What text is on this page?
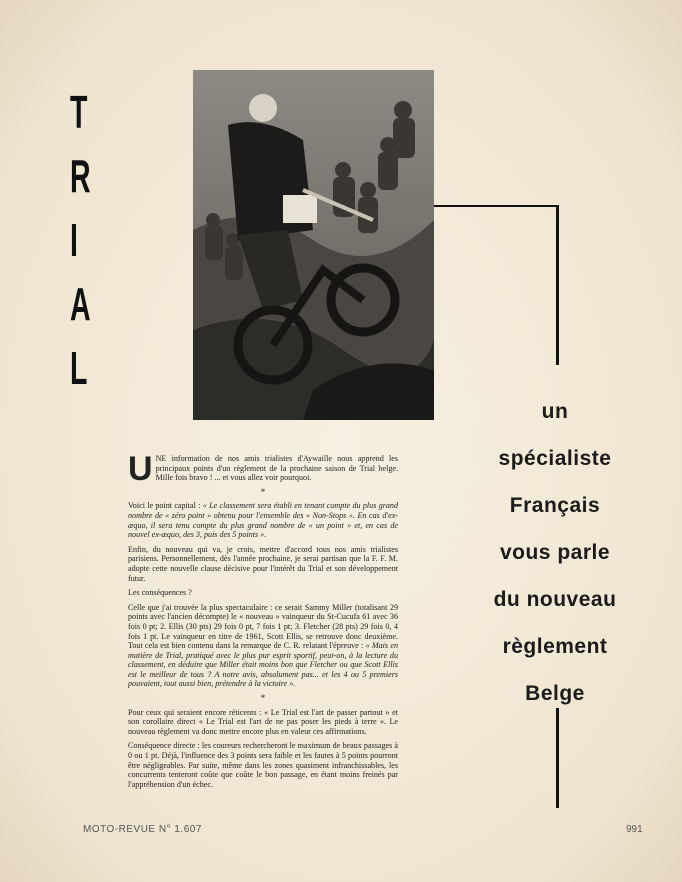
T
R
I
A
L
un
spécialiste
Français
vous parle
du nouveau
règlement
Belge

U NE information de nos amis trialistes d'Aywaille nous apprend les principaux points d'un règlement de la prochaine saison de Trial belge. Mille fois bravo ! ... et vous allez voir pourquoi.

*

Voici le point capital : « Le classement sera établi en tenant compte du plus grand nombre de « zéro point » obtenu pour l'ensemble des « Non-Stops ». En cas d'ex-æquo, il sera tenu compte du plus grand nombre de « un point » et, en cas de nouvel ex-æquo, des 3, puis des 5 points ».

Enfin, du nouveau qui va, je crois, mettre d'accord tous nos amis trialistes parisiens. Personnellement, dès l'année prochaine, je serai partisan que la F. F. M. adopte cette nouvelle clause décisive pour l'intérêt du Trial et son développement futur.

Les conséquences ?

Celle que j'ai trouvée la plus spectaculaire : ce serait Sammy Miller (totalisant 29 points avec l'ancien décompte) le « nouveau » vainqueur du St-Cucufa 61 avec 36 fois 0 pt; 2. Ellis (30 pts) 29 fois 0 pt, 7 fois 1 pt; 3. Fletcher (28 pts) 29 fois 0, 4 fois 1 pt. Le vainqueur en titre de 1961, Scott Ellis, se retrouve donc deuxième. Tout cela est bien contenu dans la remarque de C. R. relatant l'épreuve : « Mais en matière de Trial, pratiqué avec le plus pur esprit sportif, peut-on, à la lecture du classement, en déduire que Miller était moins bon que Fletcher ou que Scott Ellis est le meilleur de tous ? A notre avis, absolument pas... et les 4 ou 5 premiers pouvaient, tout aussi bien, prétendre à la victoire ».

*

Pour ceux qui seraient encore réticents : « Le Trial est l'art de passer partout » et son corollaire direct « Le Trial est l'art de ne pas poser les pieds à terre ». Le nouveau règlement va donc mettre encore plus en valeur ces affirmations.

Conséquence directe : les coureurs rechercheront le maximum de beaux passages à 0 ou 1 pt. Déjà, l'influence des 3 points sera faible et les fautes à 5 points pourront être négligeables. Par suite, même dans les zones quasiment infranchissables, les concurrents tenteront coûte que coûte le bon passage, en étant moins freinés par l'appréhension d'un échec.

MOTO-REVUE N° 1.607	991
